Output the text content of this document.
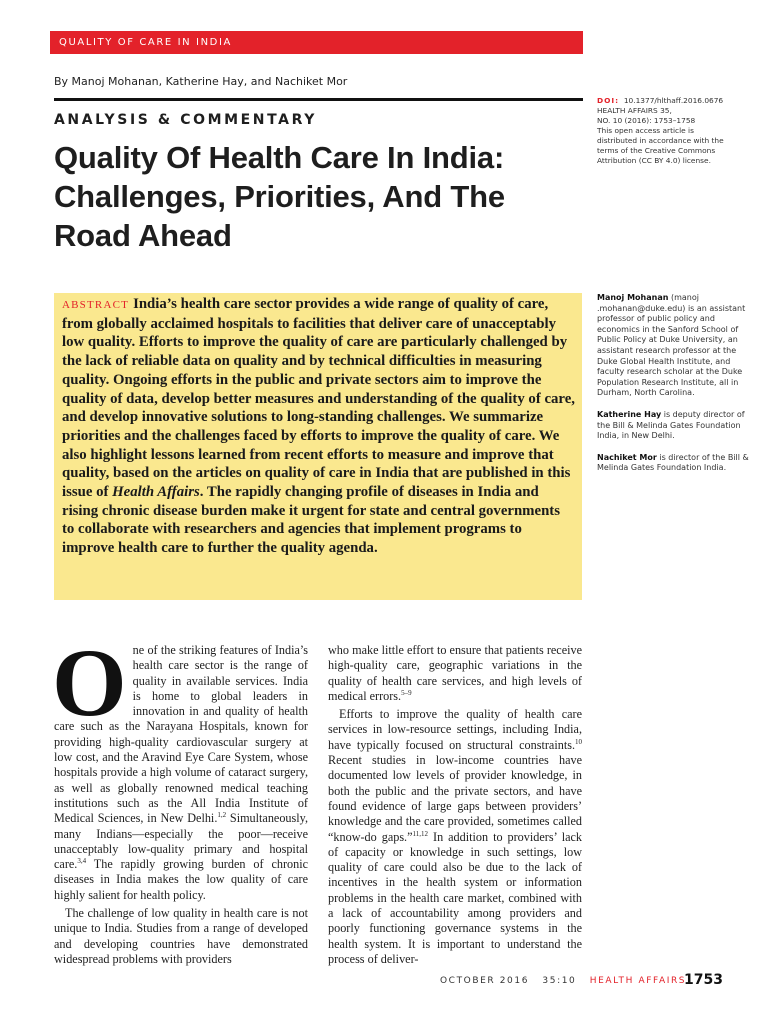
QUALITY OF CARE IN INDIA
By Manoj Mohanan, Katherine Hay, and Nachiket Mor
ANALYSIS & COMMENTARY
Quality Of Health Care In India:
Challenges, Priorities, And The
Road Ahead
DOI: 10.1377/hlthaff.2016.0676
HEALTH AFFAIRS 35,
NO. 10 (2016): 1753–1758
This open access article is
distributed in accordance with the
terms of the Creative Commons
Attribution (CC BY 4.0) license.

ABSTRACT India’s health care sector provides a wide range of quality of care, from globally acclaimed hospitals to facilities that deliver care of unacceptably low quality. Efforts to improve the quality of care are particularly challenged by the lack of reliable data on quality and by technical difficulties in measuring quality. Ongoing efforts in the public and private sectors aim to improve the quality of data, develop better measures and understanding of the quality of care, and develop innovative solutions to long-standing challenges. We summarize priorities and the challenges faced by efforts to improve the quality of care. We also highlight lessons learned from recent efforts to measure and improve that quality, based on the articles on quality of care in India that are published in this issue of Health Affairs. The rapidly changing profile of diseases in India and rising chronic disease burden make it urgent for state and central governments to collaborate with researchers and agencies that implement programs to improve health care to further the quality agenda.

Manoj Mohanan (manoj .mohanan@duke.edu) is an assistant professor of public policy and economics in the Sanford School of Public Policy at Duke University, an assistant research professor at the Duke Global Health Institute, and faculty research scholar at the Duke Population Research Institute, all in Durham, North Carolina.
Katherine Hay is deputy director of the Bill & Melinda Gates Foundation India, in New Delhi.
Nachiket Mor is director of the Bill & Melinda Gates Foundation India.

One of the striking features of India’s health care sector is the range of quality in available services. India is home to global leaders in innovation in and quality of health care such as the Narayana Hospitals, known for providing high-quality cardiovascular surgery at low cost, and the Aravind Eye Care System, whose hospitals provide a high volume of cataract surgery, as well as globally renowned medical teaching institutions such as the All India Institute of Medical Sciences, in New Delhi.$^{1,2}$ Simultaneously, many Indians—especially the poor—receive unacceptably low-quality primary and hospital care.$^{3,4}$ The rapidly growing burden of chronic diseases in India makes the low quality of care highly salient for health policy.

The challenge of low quality in health care is not unique to India. Studies from a range of developed and developing countries have demonstrated widespread problems with providers

who make little effort to ensure that patients receive high-quality care, geographic variations in the quality of health care services, and high levels of medical errors.$^{5-9}$

Efforts to improve the quality of health care services in low-resource settings, including India, have typically focused on structural constraints.$^{10}$ Recent studies in low-income countries have documented low levels of provider knowledge, in both the public and the private sectors, and have found evidence of large gaps between providers’ knowledge and the care provided, sometimes called “know-do gaps.”$^{11,12}$ In addition to providers’ lack of capacity or knowledge in such settings, low quality of care could also be due to the lack of incentives in the health system or information problems in the health care market, combined with a lack of accountability among providers and poorly functioning governance systems in the health system. It is important to understand the process of deliver-

OCTOBER 2016 35:10 HEALTH AFFAIRS
1753
